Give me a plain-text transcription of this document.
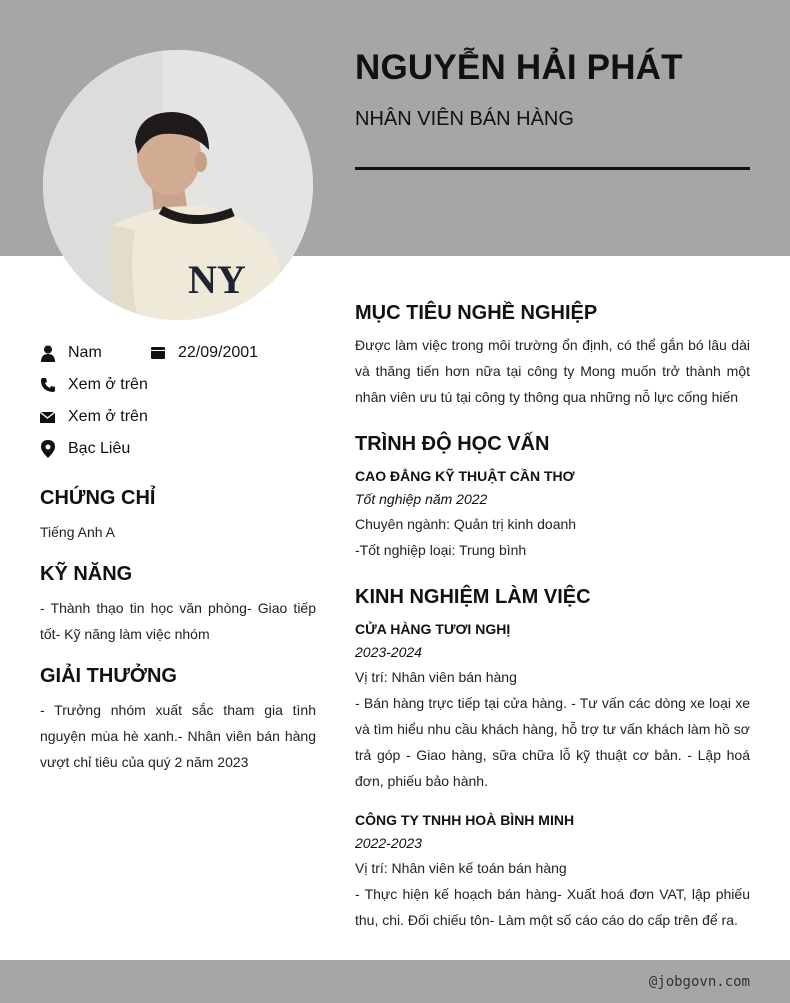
NY
NGUYỄN HẢI PHÁT
NHÂN VIÊN BÁN HÀNG
Nam	22/09/2001
Xem ở trên
Xem ở trên
Bạc Liêu
CHỨNG CHỈ
Tiếng Anh A
KỸ NĂNG
- Thành thạo tin học văn phòng- Giao tiếp tốt- Kỹ năng làm việc nhóm
GIẢI THƯỞNG
- Trưởng nhóm xuất sắc tham gia tình nguyện mùa hè xanh.- Nhân viên bán hàng vượt chỉ tiêu của quý 2 năm 2023
MỤC TIÊU NGHỀ NGHIỆP
Được làm việc trong môi trường ổn định, có thể gắn bó lâu dài và thăng tiến hơn nữa tại công ty Mong muốn trở thành một nhân viên ưu tú tại công ty thông qua những nỗ lực cống hiến
TRÌNH ĐỘ HỌC VẤN
CAO ĐẲNG KỸ THUẬT CẦN THƠ
Tốt nghiệp năm 2022
Chuyên ngành: Quản trị kinh doanh
-Tốt nghiệp loại: Trung bình
KINH NGHIỆM LÀM VIỆC
CỬA HÀNG TƯƠI NGHỊ
2023-2024
Vị trí: Nhân viên bán hàng
- Bán hàng trực tiếp tại cửa hàng. - Tư vấn các dòng xe loại xe và tìm hiểu nhu cầu khách hàng, hỗ trợ tư vấn khách làm hồ sơ trả góp - Giao hàng, sữa chữa lỗ kỹ thuật cơ bản. - Lập hoá đơn, phiếu bảo hành.
CÔNG TY TNHH HOÀ BÌNH MINH
2022-2023
Vị trí: Nhân viên kế toán bán hàng
- Thực hiện kế hoạch bán hàng- Xuất hoá đơn VAT, lập phiếu thu, chi. Đối chiếu tôn- Làm một số cáo cáo do cấp trên để ra.
@jobgovn.com
